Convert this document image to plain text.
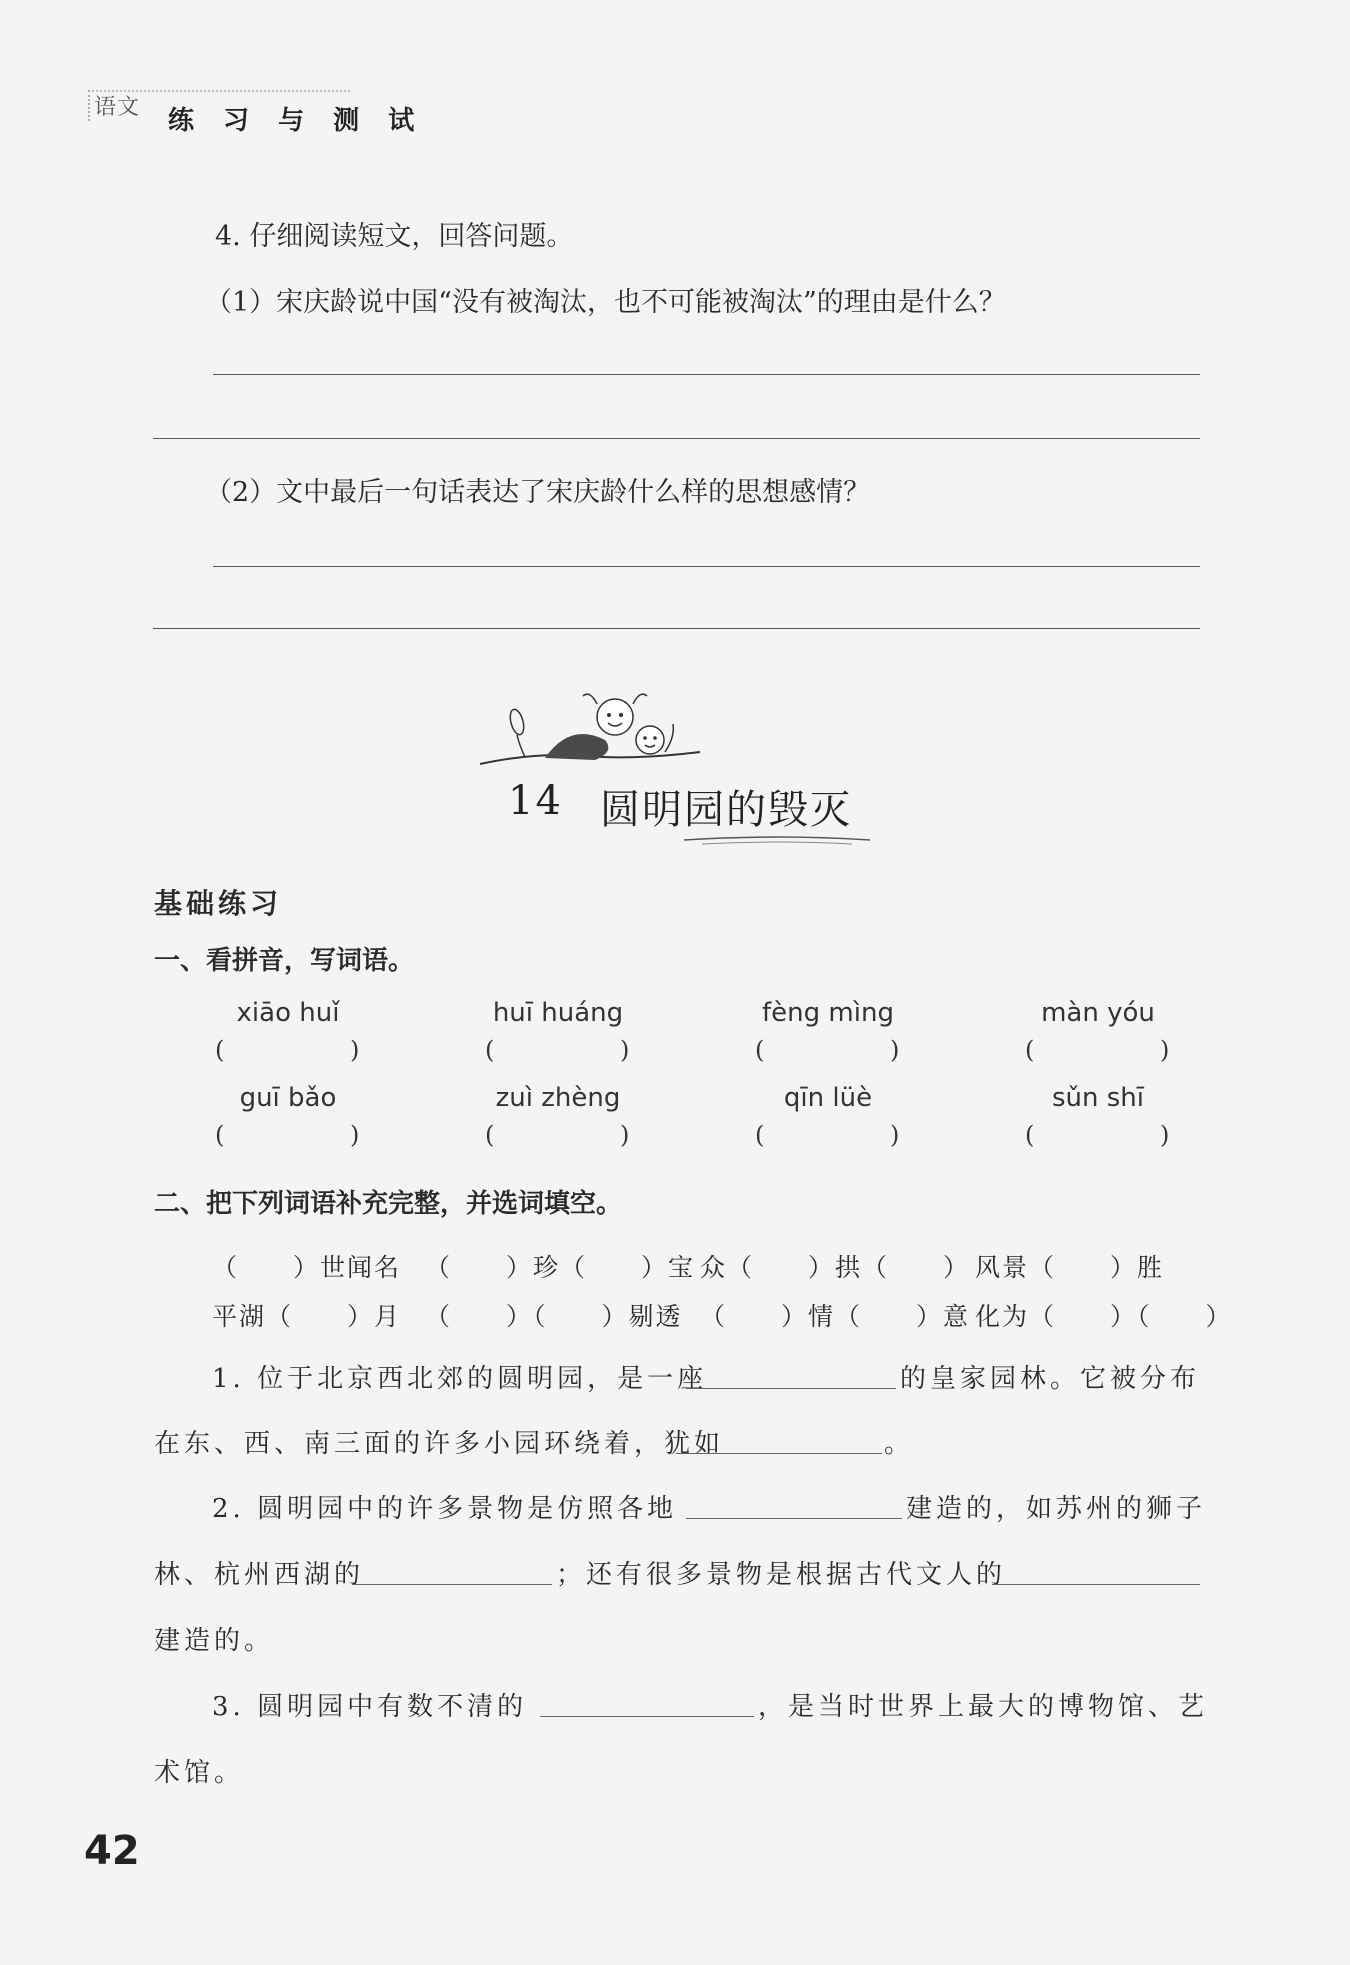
语文 练 习 与 测 试
4. 仔细阅读短文，回答问题。
（1）宋庆龄说中国“没有被淘汰，也不可能被淘汰”的理由是什么？
（2）文中最后一句话表达了宋庆龄什么样的思想感情？
14 圆明园的毁灭
基础练习
一、看拼音，写词语。
xiāo huǐ	huī huáng	fèng mìng	màn yóu
(	)	(	)	(	)	(	)
guī bǎo	zuì zhèng	qīn lüè	sǔn shī
(	)	(	)	(	)	(	)
二、把下列词语补充完整，并选词填空。
（　　）世闻名 （　　）珍（　　）宝 众（　　）拱（　　） 风景（　　）胜
平湖（　　）月 （　　）（　　）剔透 （　　）情（　　）意 化为（　　）（　　）
1. 位于北京西北郊的圆明园，是一座	的皇家园林。它被分布
在东、西、南三面的许多小园环绕着，犹如	。
2. 圆明园中的许多景物是仿照各地	建造的，如苏州的狮子
林、杭州西湖的	；还有很多景物是根据古代文人的
建造的。
3. 圆明园中有数不清的	，是当时世界上最大的博物馆、艺
术馆。
42
